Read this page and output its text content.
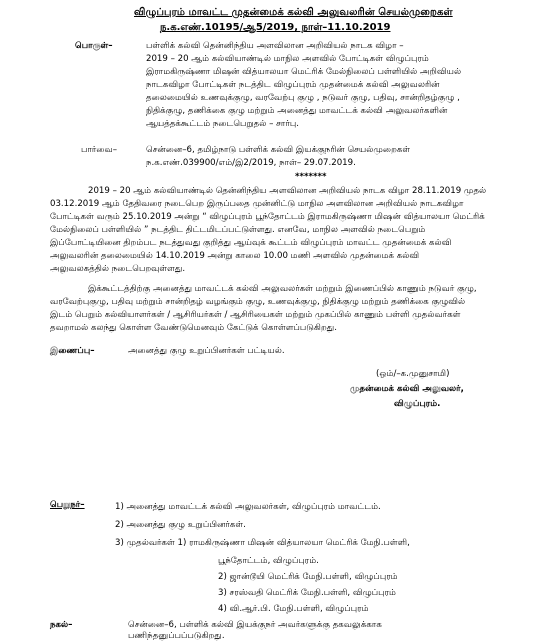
விழுப்புரம் மாவட்ட முதன்மைக் கல்வி அலுவலரின் செயல்முறைகள்
ந.க.எண்.10195/ஆ5/2019, நாள்–11.10.2019
பொருள்–	பள்ளிக் கல்வி தென்னிந்திய அளவிலான அறிவியல் நாடக விழா –
2019 – 20 ஆம் கல்வியாண்டில் மாநில அளவில் போட்டிகள் விழுப்புரம்
இராமகிருஷ்ணா மிஷன் வித்யாலயா மெட்ரிக் மேல்நிலைப் பள்ளியில் அறிவியல்
நாடகவிழா போட்டிகள் நடத்திட விழுப்புரம் முதன்மைக் கல்வி அலுவலரின்
தலைமையில் உணவுக்குழு, வரவேற்பு குழு , நடுவர் குழு, பதிவு, சான்றிதழ்குழு ,
நிதிக்குழு, தணிக்கை குழு மற்றும் அனைத்து மாவட்டக் கல்வி அலுவலர்களின்
ஆயத்தக்கூட்டம் நடைபெறுதல் – சார்பு.
பார்வை–	சென்னை–6, தமிழ்நாடு பள்ளிக் கல்வி இயக்குநரின் செயல்முறைகள்
ந.க.எண்.039900/எம்/இ2/2019, நாள்– 29.07.2019.
*******
2019 – 20 ஆம் கல்வியாண்டில் தென்னிந்திய அளவிலான அறிவியல் நாடக விழா 28.11.2019 முதல்
03.12.2019 ஆம் தேதிவரை நடைபெற இருப்பதை முன்னிட்டு மாநில அளவிலான அறிவியல் நாடகவிழா
போட்டிகள் வரும் 25.10.2019 அன்று “ விழுப்புரம் பூந்தோட்டம் இராமகிருஷ்ணா மிஷன் வித்யாலயா மெட்ரிக்
மேல்நிலைப் பள்ளியில் ” நடத்திட திட்டமிடப்பட்டுள்ளது. எனவே, மாநில அளவில் நடைபெறும்
இப்போட்டியினை திறம்பட நடத்துவது குறித்து ஆய்வுக் கூட்டம் விழுப்புரம் மாவட்ட முதன்மைக் கல்வி
அலுவலரின் தலைமையில் 14.10.2019 அன்று காலை 10.00 மணி அளவில் முதன்மைக் கல்வி
அலுவலகத்தில் நடைபெறவுள்ளது.
இக்கூட்டத்திற்கு அனைத்து மாவட்டக் கல்வி அலுவலர்கள் மற்றும் இணைப்பில் காணும் நடுவர் குழு,
வரவேற்புகுழு, பதிவு மற்றும் சான்றிதழ் வழங்கும் குழு, உணவுக்குழு, நிதிக்குழு மற்றும் தணிக்கை குழுவில்
இடம் பெறும் கல்வியாளர்கள் / ஆசிரியர்கள் / ஆசிரியைகள் மற்றும் முகப்பில் காணும் பள்ளி முதல்வர்கள்
தவறாமல் கலந்து கொள்ள வேண்டுமெனவும் கேட்டுக் கொள்ளப்படுகிறது.
இணைப்பு–	அனைத்து குழு உறுப்பினர்கள் பட்டியல்.
(ஒம்/–க.முனுசாமி)
முதன்மைக் கல்வி அலுவலர்,
விழுப்புரம்.
பெறுநர்–	1) அனைத்து மாவட்டக் கல்வி அலுவலர்கள், விழுப்புரம் மாவட்டம்.
2) அனைத்து குழு உறுப்பினர்கள்.
3) முதல்வர்கள் 1) ராமகிருஷ்ணா மிஷன் வித்யாலயா மெட்ரிக் மேநி.பள்ளி,
பூந்தோட்டம், விழுப்புரம்.
2) ஜான்டூயி மெட்ரிக் மேநி.பள்ளி, விழுப்புரம்
3) சரஸ்வதி மெட்ரிக் மேநி.பள்ளி, விழுப்புரம்
4) வி.ஆர்.பி. மேநி.பள்ளி, விழுப்புரம்
நகல்–	சென்னை–6, பள்ளிக் கல்வி இயக்குநர் அவர்களுக்கு தகவலுக்காக
பணிந்தனுப்பப்படுகிறது.
